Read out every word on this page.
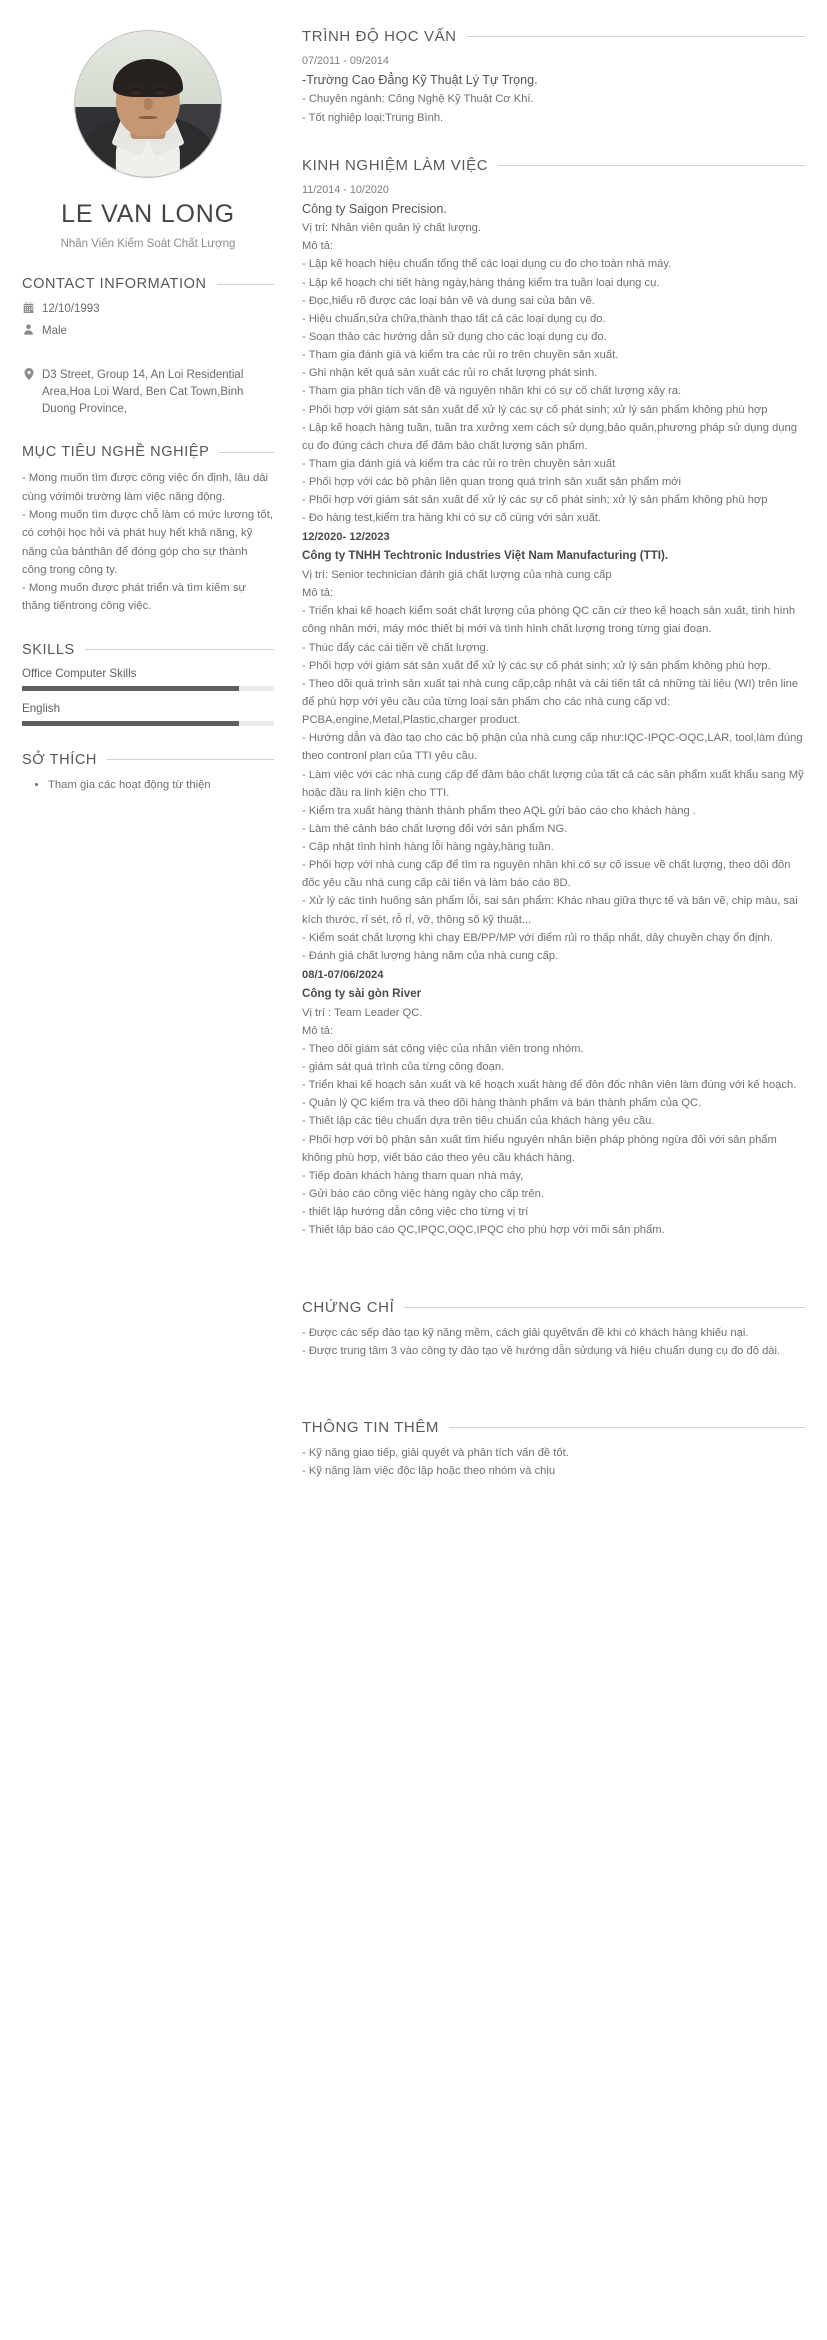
LE VAN LONG
Nhân Viên Kiểm Soát Chất Lượng
CONTACT INFORMATION
12/10/1993
Male
D3 Street, Group 14, An Loi Residential Area,Hoa Loi Ward, Ben Cat Town,Binh Duong Province,
MỤC TIÊU NGHỀ NGHIỆP

- Mong muốn tìm được công việc ổn định, lâu dài cùng vớimôi trường làm việc năng động.

- Mong muốn tìm được chỗ làm có mức lương tốt, có cơhội học hỏi và phát huy hết khả năng, kỹ năng của bảnthân để đóng góp cho sự thành công trong công ty.

- Mong muốn được phát triển và tìm kiếm sự thăng tiếntrong công việc.

SKILLS
Office Computer Skills
English
SỞ THÍCH
• Tham gia các hoạt động từ thiện
TRÌNH ĐỘ HỌC VẤN
07/2011 - 09/2014
-Trường Cao Đẳng Kỹ Thuật Lý Tự Trọng.
- Chuyên ngành: Công Nghệ Kỹ Thuật Cơ Khí.
- Tốt nghiệp loại:Trung Bình.
KINH NGHIỆM LÀM VIỆC
11/2014 - 10/2020
Công ty Saigon Precision.
Vị trí: Nhân viên quản lý chất lượng.
Mô tả:

- Lập kế hoạch hiệu chuẩn tổng thể các loại dụng cụ đo cho toàn nhà máy.

- Lập kế hoạch chi tiết hàng ngày,hàng tháng kiểm tra tuần loại dụng cụ.

- Đọc,hiểu rõ được các loại bản vẽ và dung sai của bản vẽ.

- Hiệu chuẩn,sửa chữa,thành thạo tất cả các loại dụng cụ đo.

- Soạn thảo các hướng dẫn sử dụng cho các loại dụng cụ đo.

- Tham gia đánh giá và kiểm tra các rủi ro trên chuyền sản xuất.

- Ghi nhận kết quả sản xuất các rủi ro chất lượng phát sinh.

- Tham gia phân tích vấn đề và nguyên nhân khi có sự cố chất lượng xảy ra.

- Phối hợp với giám sát sản xuất để xử lý các sự cố phát sinh; xử lý sản phẩm không phù hợp

- Lập kế hoạch hàng tuần, tuần tra xưởng xem cách sử dụng,bảo quản,phương pháp sử dụng dụng cụ đo đúng cách chưa để đảm bảo chất lượng sản phẩm.

- Tham gia đánh giá và kiểm tra các rủi ro trên chuyền sản xuất

- Phối hợp với các bộ phận liên quan trong quá trình sản xuất sản phẩm mới

- Phối hợp với giám sát sản xuất để xử lý các sự cố phát sinh; xử lý sản phẩm không phù hợp

- Đo hàng test,kiểm tra hàng khi có sự cố cùng với sản xuất.

12/2020- 12/2023
Công ty TNHH Techtronic Industries Việt Nam Manufacturing (TTI).
Vị trí: Senior technician đánh giá chất lượng của nhà cung cấp
Mô tả:

- Triển khai kế hoạch kiểm soát chất lượng của phòng QC căn cứ theo kế hoạch sản xuất, tình hình công nhân mới, máy móc thiết bị mới và tình hình chất lượng trong từng giai đoạn.

- Thúc đẩy các cái tiến về chất lượng.

- Phối hợp với giám sát sản xuất để xử lý các sự cố phát sinh; xử lý sản phẩm không phù hợp.

- Theo dõi quá trình sản xuất tại nhà cung cấp,cập nhật và cải tiến tất cả những tài liệu (WI) trên line để phù hợp với yêu cầu của từng loại sản phẩm cho các nhà cung cấp vd: PCBA,engine,Metal,Plastic,charger product.

- Hướng dẫn và đào tạo cho các bộ phận của nhà cung cấp như:IQC-IPQC-OQC,LAR, tool,làm đúng theo contronl plan của TTI yêu cầu.

- Làm việc với các nhà cung cấp để đảm bảo chất lượng của tất cả các sản phẩm xuất khẩu sang Mỹ hoặc đầu ra linh kiện cho TTI.

- Kiểm tra xuất hàng thành thành phẩm theo AQL gửi báo cáo cho khách hàng .

- Làm thẻ cảnh báo chất lượng đối với sản phẩm NG.

- Cập nhật tình hình hàng lỗi hàng ngày,hàng tuần.

- Phối hợp với nhà cung cấp để tìm ra nguyên nhân khi có sự cố issue về chất lượng, theo dõi đôn đốc yêu cầu nhà cung cấp cải tiến và làm báo cáo 8D.

- Xử lý các tình huống sản phẩm lỗi, sai sản phẩm: Khác nhau giữa thực tế và bản vẽ, chip màu, sai kích thước, rỉ sét, rỗ rỉ, vỡ, thông số kỹ thuật...

- Kiểm soát chất lượng khi chạy EB/PP/MP với điểm rủi ro thấp nhất, dây chuyền chạy ổn định.

- Đánh giá chất lượng hàng năm của nhà cung cấp.

08/1-07/06/2024
Công ty sài gòn River
Vị trí : Team Leader QC.
Mô tả:

- Theo dõi giám sát công việc của nhân viên trong nhóm.

- giám sát quá trình của từng công đoạn.

- Triển khai kế hoạch sản xuất và kế hoạch xuất hàng để đôn đốc nhân viên làm đúng với kế hoạch.

- Quản lý QC kiểm tra và theo dõi hàng thành phẩm và bán thành phẩm của QC.

- Thiết lập các tiêu chuẩn dựa trên tiêu chuẩn của khách hàng yêu cầu.

- Phối hợp với bộ phận sản xuất tìm hiểu nguyên nhân biện pháp phòng ngừa đối với sản phẩm không phù hợp, viết báo cáo theo yêu cầu khách hàng.

- Tiếp đoàn khách hàng tham quan nhà máy,

- Gửi báo cáo công việc hàng ngày cho cấp trên.

- thiết lập hướng dẫn công việc cho từng vị trí

- Thiết lập báo cáo QC,IPQC,OQC,IPQC cho phù hợp với mõi sản phẩm.

CHỨNG CHỈ

- Được các sếp đào tạo kỹ năng mềm, cách giải quyếtvấn đề khi có khách hàng khiếu nại.

- Được trung tâm 3 vào công ty đào tạo về hướng dẫn sửdụng và hiệu chuẩn dụng cụ đo độ dài.

THÔNG TIN THÊM

- Kỹ năng giao tiếp, giải quyết và phân tích vấn đề tốt.

- Kỹ năng làm việc độc lập hoặc theo nhóm và chịu
